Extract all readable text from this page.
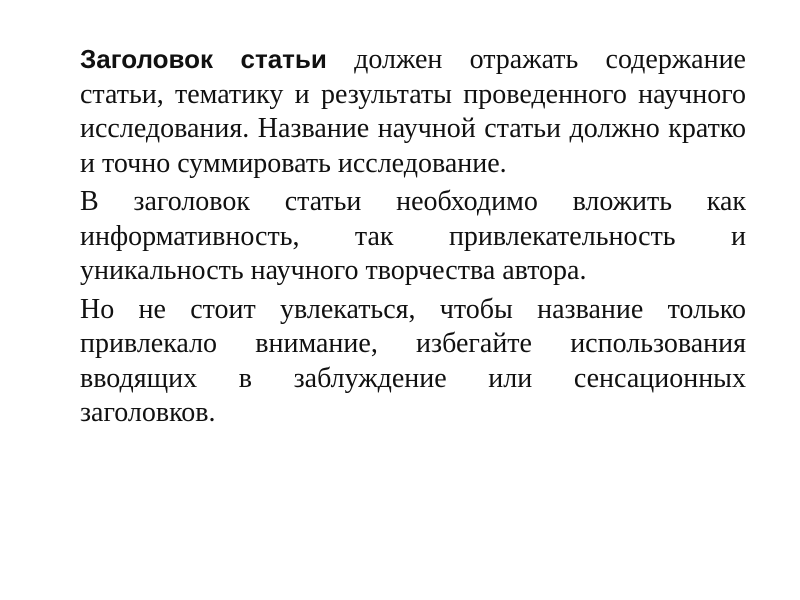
Заголовок статьи должен отражать содержание статьи, тематику и результаты проведенного научного исследования. Название научной статьи должно кратко и точно суммировать исследование.

В заголовок статьи необходимо вложить как информативность, так привлекательность и уникальность научного творчества автора.

Но не стоит увлекаться, чтобы название только привлекало внимание, избегайте использования вводящих в заблуждение или сенсационных заголовков.
